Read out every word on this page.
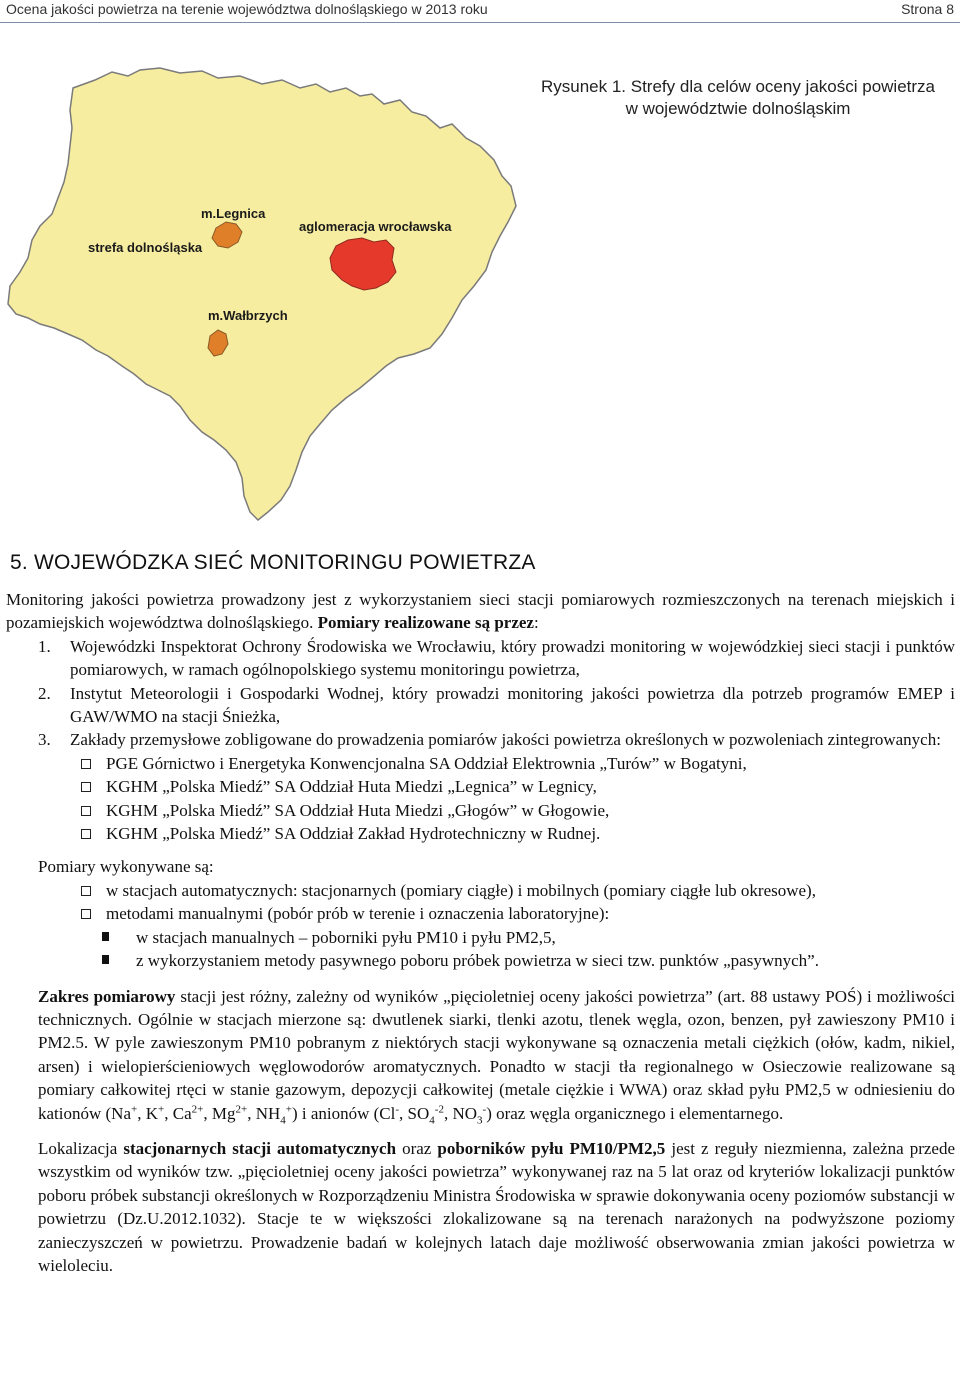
Ocena jakości powietrza na terenie województwa dolnośląskiego w 2013 roku	Strona 8
m.Legnica
strefa dolnośląska
aglomeracja wrocławska
m.Wałbrzych
Rysunek 1. Strefy dla celów oceny jakości powietrza
w województwie dolnośląskim
5. WOJEWÓDZKA SIEĆ MONITORINGU POWIETRZA

Monitoring jakości powietrza prowadzony jest z wykorzystaniem sieci stacji pomiarowych rozmieszczonych na terenach miejskich i pozamiejskich województwa dolnośląskiego. Pomiary realizowane są przez:

1. Wojewódzki Inspektorat Ochrony Środowiska we Wrocławiu, który prowadzi monitoring w wojewódzkiej sieci stacji i punktów pomiarowych, w ramach ogólnopolskiego systemu monitoringu powietrza,
2. Instytut Meteorologii i Gospodarki Wodnej, który prowadzi monitoring jakości powietrza dla potrzeb programów EMEP i GAW/WMO na stacji Śnieżka,
3. Zakłady przemysłowe zobligowane do prowadzenia pomiarów jakości powietrza określonych w pozwoleniach zintegrowanych:
PGE Górnictwo i Energetyka Konwencjonalna SA Oddział Elektrownia „Turów” w Bogatyni,
KGHM „Polska Miedź” SA Oddział Huta Miedzi „Legnica” w Legnicy,
KGHM „Polska Miedź” SA Oddział Huta Miedzi „Głogów” w Głogowie,
KGHM „Polska Miedź” SA Oddział Zakład Hydrotechniczny w Rudnej.

Pomiary wykonywane są:

w stacjach automatycznych: stacjonarnych (pomiary ciągłe) i mobilnych (pomiary ciągłe lub okresowe),
metodami manualnymi (pobór prób w terenie i oznaczenia laboratoryjne):
w stacjach manualnych – poborniki pyłu PM10 i pyłu PM2,5,
z wykorzystaniem metody pasywnego poboru próbek powietrza w sieci tzw. punktów „pasywnych”.

Zakres pomiarowy stacji jest różny, zależny od wyników „pięcioletniej oceny jakości powietrza” (art. 88 ustawy POŚ) i możliwości technicznych. Ogólnie w stacjach mierzone są: dwutlenek siarki, tlenki azotu, tlenek węgla, ozon, benzen, pył zawieszony PM10 i PM2.5. W pyle zawieszonym PM10 pobranym z niektórych stacji wykonywane są oznaczenia metali ciężkich (ołów, kadm, nikiel, arsen) i wielopierścieniowych węglowodorów aromatycznych. Ponadto w stacji tła regionalnego w Osieczowie realizowane są pomiary całkowitej rtęci w stanie gazowym, depozycji całkowitej (metale ciężkie i WWA) oraz skład pyłu PM2,5 w odniesieniu do kationów (Na+, K+, $Ca^{2+}$, $Mg^{2+}$, $NH_4^+$) i anionów (Cl-, $SO_4^{-2}$, $NO_3^-$) oraz węgla organicznego i elementarnego.

Lokalizacja stacjonarnych stacji automatycznych oraz poborników pyłu PM10/PM2,5 jest z reguły niezmienna, zależna przede wszystkim od wyników tzw. „pięcioletniej oceny jakości powietrza” wykonywanej raz na 5 lat oraz od kryteriów lokalizacji punktów poboru próbek substancji określonych w Rozporządzeniu Ministra Środowiska w sprawie dokonywania oceny poziomów substancji w powietrzu (Dz.U.2012.1032). Stacje te w większości zlokalizowane są na terenach narażonych na podwyższone poziomy zanieczyszczeń w powietrzu. Prowadzenie badań w kolejnych latach daje możliwość obserwowania zmian jakości powietrza w wieloleciu.
